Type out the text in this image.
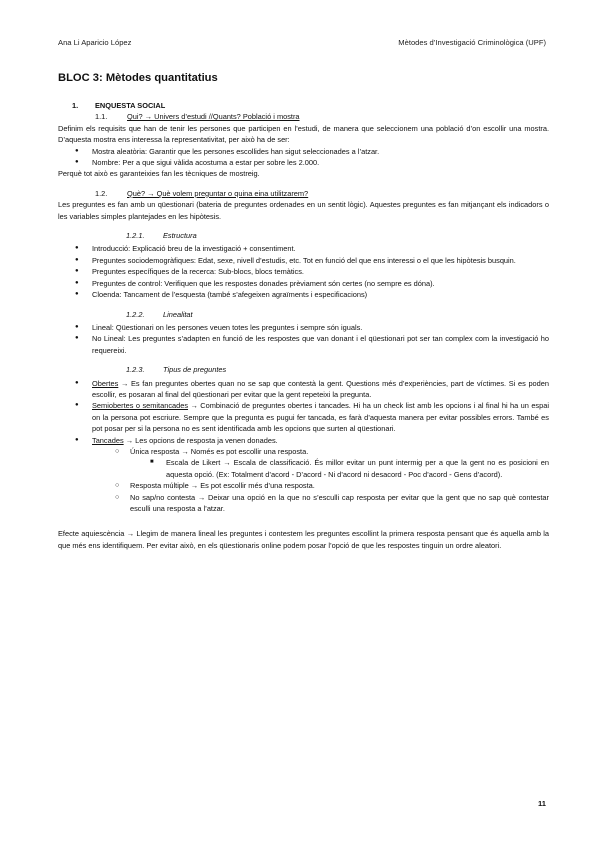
Ana Li Aparicio López	Mètodes d’Investigació Criminològica (UPF)
BLOC 3: Mètodes quantitatius
1. ENQUESTA SOCIAL
1.1.	Qui? → Univers d’estudi //Quants? Població i mostra

Definim els requisits que han de tenir les persones que participen en l’estudi, de manera que seleccionem una població d’on escollir una mostra. D’aquesta mostra ens interessa la representativitat, per això ha de ser:

● Mostra aleatòria: Garantir que les persones escollides han sigut seleccionades a l’atzar.
● Nombre: Per a que sigui vàlida acostuma a estar per sobre les 2.000.

Perquè tot això es garanteixies fan les tècniques de mostreig.

1.2.	Què? → Què volem preguntar o quina eina utilitzarem?

Les preguntes es fan amb un qüestionari (bateria de preguntes ordenades en un sentit lògic). Aquestes preguntes es fan mitjançant els indicadors o les variables simples plantejades en les hipòtesis.

1.2.1.	Estructura
● Introducció: Explicació breu de la investigació + consentiment.
● Preguntes sociodemogràfiques: Edat, sexe, nivell d’estudis, etc. Tot en funció del que ens interessi o el que les hipòtesis busquin.
● Preguntes específiques de la recerca: Sub-blocs, blocs temàtics.
● Preguntes de control: Verifiquen que les respostes donades prèviament són certes (no sempre es dóna).
● Cloenda: Tancament de l’esquesta (també s’afegeixen agraïments i especificacions)
1.2.2.	Linealitat
● Lineal: Qüestionari on les persones veuen totes les preguntes i sempre són iguals.
● No Lineal: Les preguntes s’adapten en funció de les respostes que van donant i el qüestionari pot ser tan complex com la investigació ho requereixi.
1.2.3.	Tipus de preguntes
● Obertes → Es fan preguntes obertes quan no se sap que contestà la gent. Questions més d’experiències, part de víctimes. Si es poden escollir, es posaran al final del qüestionari per evitar que la gent repeteixi la pregunta.
● Semiobertes o semitancades → Combinació de preguntes obertes i tancades. Hi ha un check list amb les opcions i al final hi ha un espai on la persona pot escriure. Sempre que la pregunta es pugui fer tancada, es farà d’aquesta manera per evitar possibles errors. També es pot posar per si la persona no es sent identificada amb les opcions que surten al qüestionari.
● Tancades → Les opcions de resposta ja venen donades.
○ Única resposta → Només es pot escollir una resposta.
■ Escala de Likert → Escala de classificació. És millor evitar un punt intermig per a que la gent no es posicioni en aquesta opció. (Ex: Totalment d’acord - D’acord - Ni d’acord ni desacord - Poc d’acord - Gens d’acord).
○ Resposta múltiple → Es pot escollir més d’una resposta.
○ No sap/no contesta → Deixar una opció en la que no s’esculli cap resposta per evitar que la gent que no sap què contestar esculli una resposta a l’atzar.

Efecte aquiescència → Llegim de manera lineal les preguntes i contestem les preguntes escollint la primera resposta pensant que és aquella amb la que més ens identifiquem. Per evitar això, en els qüestionaris online podem posar l’opció de que les respostes tinguin un ordre aleatori.

11
